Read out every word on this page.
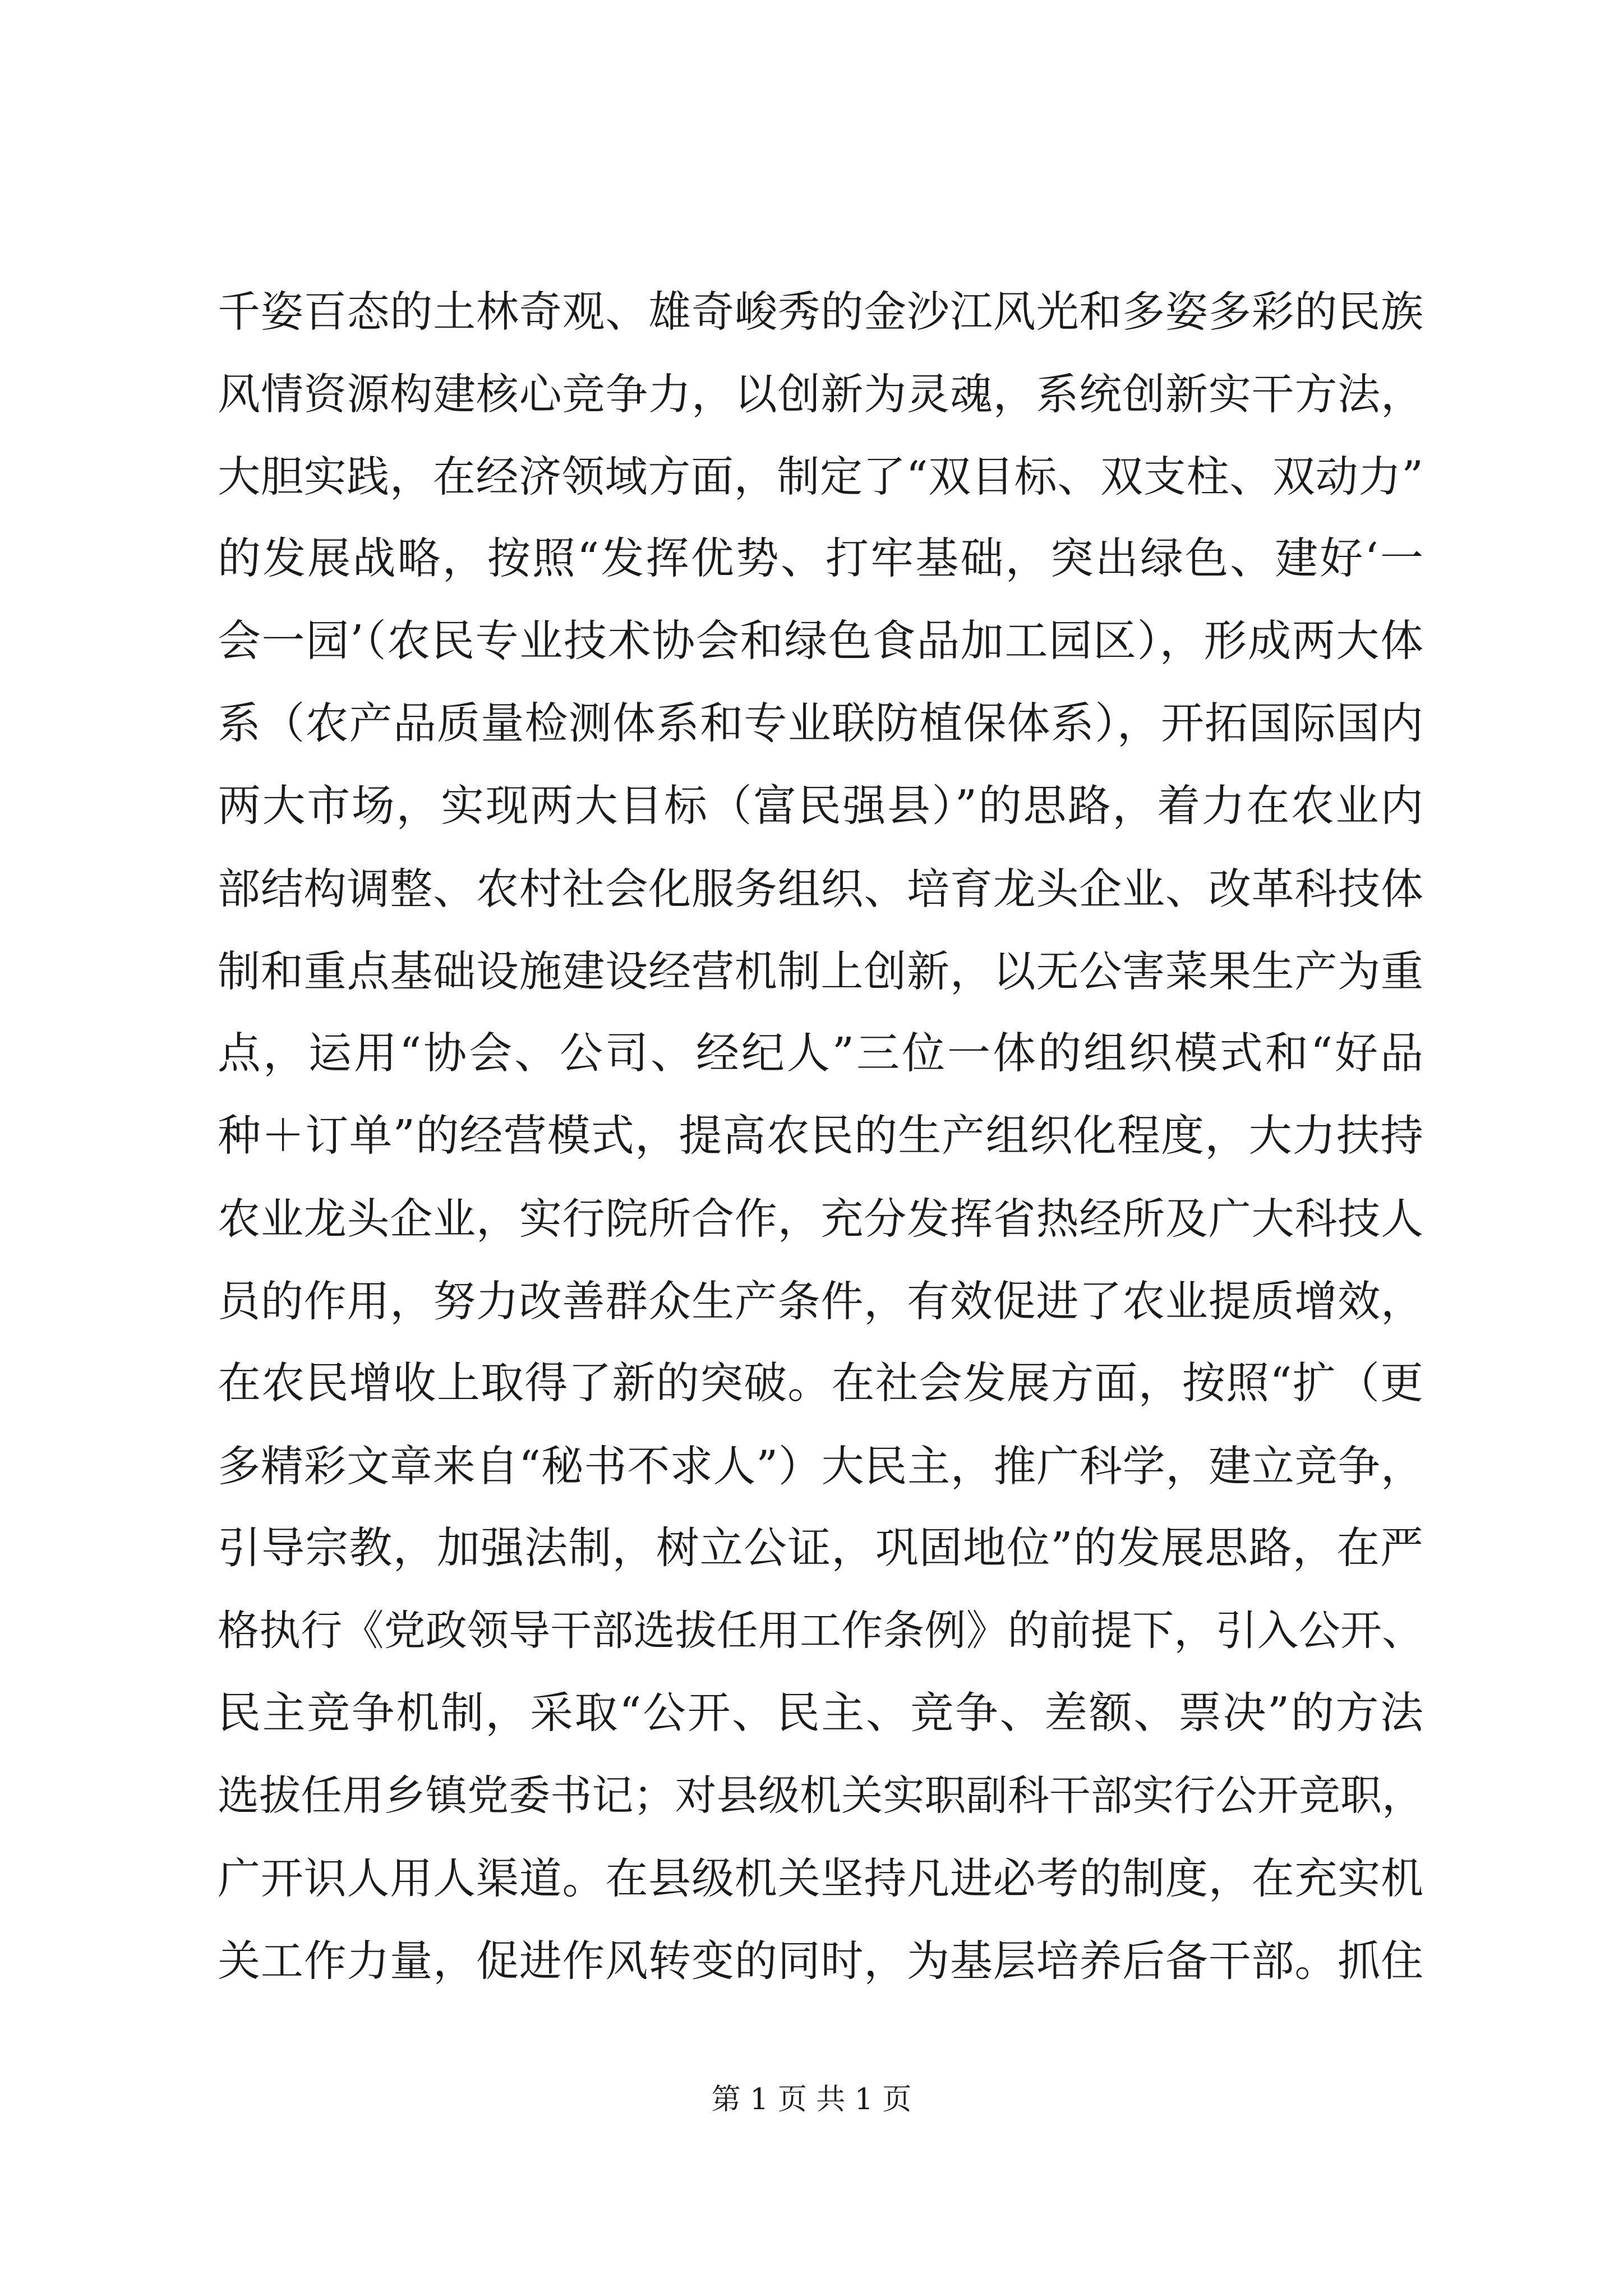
千姿百态的土林奇观、雄奇峻秀的金沙江风光和多姿多彩的民族
风情资源构建核心竞争力，以创新为灵魂，系统创新实干方法，
大胆实践，在经济领域方面，制定了“双目标、双支柱、双动力”
的发展战略，按照“发挥优势、打牢基础，突出绿色、建好‘一
会一园’（农民专业技术协会和绿色食品加工园区），形成两大体
系（农产品质量检测体系和专业联防植保体系），开拓国际国内
两大市场，实现两大目标（富民强县）”的思路，着力在农业内
部结构调整、农村社会化服务组织、培育龙头企业、改革科技体
制和重点基础设施建设经营机制上创新，以无公害菜果生产为重
点，运用“协会、公司、经纪人”三位一体的组织模式和“好品
种＋订单”的经营模式，提高农民的生产组织化程度，大力扶持
农业龙头企业，实行院所合作，充分发挥省热经所及广大科技人
员的作用，努力改善群众生产条件，有效促进了农业提质增效，
在农民增收上取得了新的突破。在社会发展方面，按照“扩（更
多精彩文章来自“秘书不求人”）大民主，推广科学，建立竞争，
引导宗教，加强法制，树立公证，巩固地位”的发展思路，在严
格执行《党政领导干部选拔任用工作条例》的前提下，引入公开、
民主竞争机制，采取“公开、民主、竞争、差额、票决”的方法
选拔任用乡镇党委书记；对县级机关实职副科干部实行公开竞职，
广开识人用人渠道。在县级机关坚持凡进必考的制度，在充实机
关工作力量，促进作风转变的同时，为基层培养后备干部。抓住
第 1 页 共 1 页
